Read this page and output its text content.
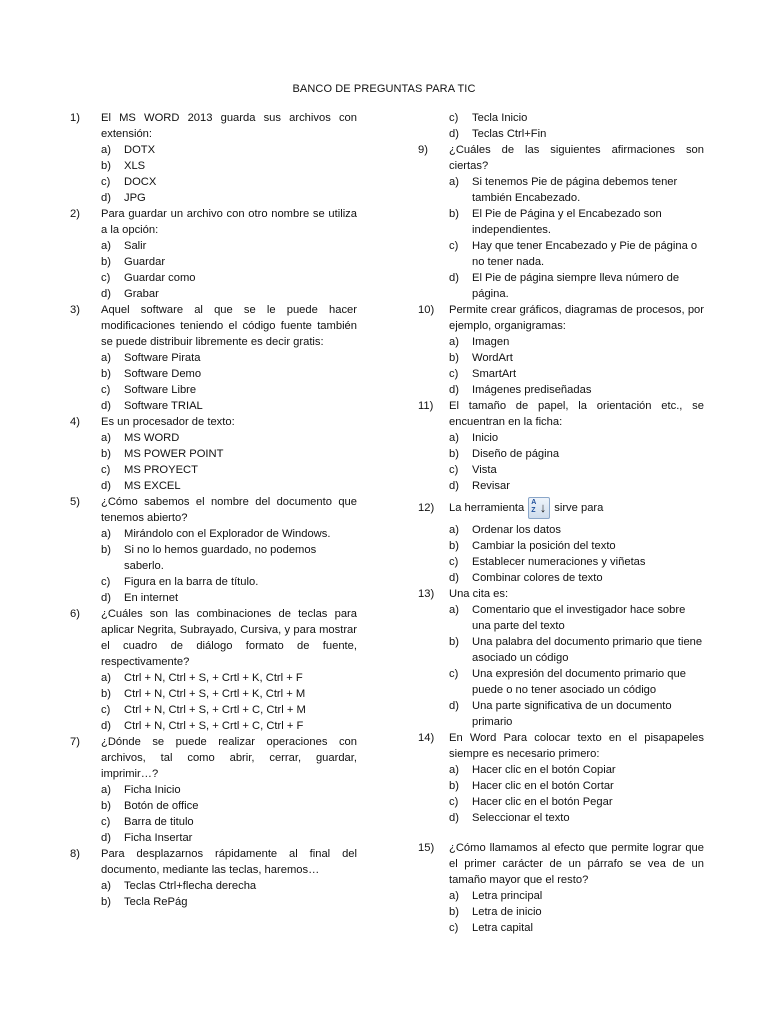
BANCO DE PREGUNTAS PARA TIC
1) El MS WORD 2013 guarda sus archivos con extensión:
a) DOTX
b) XLS
c) DOCX
d) JPG
2) Para guardar un archivo con otro nombre se utiliza a la opción:
a) Salir
b) Guardar
c) Guardar como
d) Grabar
3) Aquel software al que se le puede hacer modificaciones teniendo el código fuente también se puede distribuir libremente es decir gratis:
a) Software Pirata
b) Software Demo
c) Software Libre
d) Software TRIAL
4) Es un procesador de texto:
a) MS WORD
b) MS POWER POINT
c) MS PROYECT
d) MS EXCEL
5) ¿Cómo sabemos el nombre del documento que tenemos abierto?
a) Mirándolo con el Explorador de Windows.
b) Si no lo hemos guardado, no podemos saberlo.
c) Figura en la barra de título.
d) En internet
6) ¿Cuáles son las combinaciones de teclas para aplicar Negrita, Subrayado, Cursiva, y para mostrar el cuadro de diálogo formato de fuente, respectivamente?
a) Ctrl + N, Ctrl + S, + Crtl + K, Ctrl + F
b) Ctrl + N, Ctrl + S, + Crtl + K, Ctrl + M
c) Ctrl + N, Ctrl + S, + Crtl + C, Ctrl + M
d) Ctrl + N, Ctrl + S, + Crtl + C, Ctrl + F
7) ¿Dónde se puede realizar operaciones con archivos, tal como abrir, cerrar, guardar, imprimir…?
a) Ficha Inicio
b) Botón de office
c) Barra de titulo
d) Ficha Insertar
8) Para desplazarnos rápidamente al final del documento, mediante las teclas, haremos…
a) Teclas Ctrl+flecha derecha
b) Tecla RePág
c) Tecla Inicio
d) Teclas Ctrl+Fin
9) ¿Cuáles de las siguientes afirmaciones son ciertas?
a) Si tenemos Pie de página debemos tener también Encabezado.
b) El Pie de Página y el Encabezado son independientes.
c) Hay que tener Encabezado y Pie de página o no tener nada.
d) El Pie de página siempre lleva número de página.
10) Permite crear gráficos, diagramas de procesos, por ejemplo, organigramas:
a) Imagen
b) WordArt
c) SmartArt
d) Imágenes prediseñadas
11) El tamaño de papel, la orientación etc., se encuentran en la ficha:
a) Inicio
b) Diseño de página
c) Vista
d) Revisar
12) La herramienta A
Z ↓ sirve para
a) Ordenar los datos
b) Cambiar la posición del texto
c) Establecer numeraciones y viñetas
d) Combinar colores de texto
13) Una cita es:
a) Comentario que el investigador hace sobre una parte del texto
b) Una palabra del documento primario que tiene asociado un código
c) Una expresión del documento primario que puede o no tener asociado un código
d) Una parte significativa de un documento primario
14) En Word Para colocar texto en el pisapapeles siempre es necesario primero:
a) Hacer clic en el botón Copiar
b) Hacer clic en el botón Cortar
c) Hacer clic en el botón Pegar
d) Seleccionar el texto
15) ¿Cómo llamamos al efecto que permite lograr que el primer carácter de un párrafo se vea de un tamaño mayor que el resto?
a) Letra principal
b) Letra de inicio
c) Letra capital
